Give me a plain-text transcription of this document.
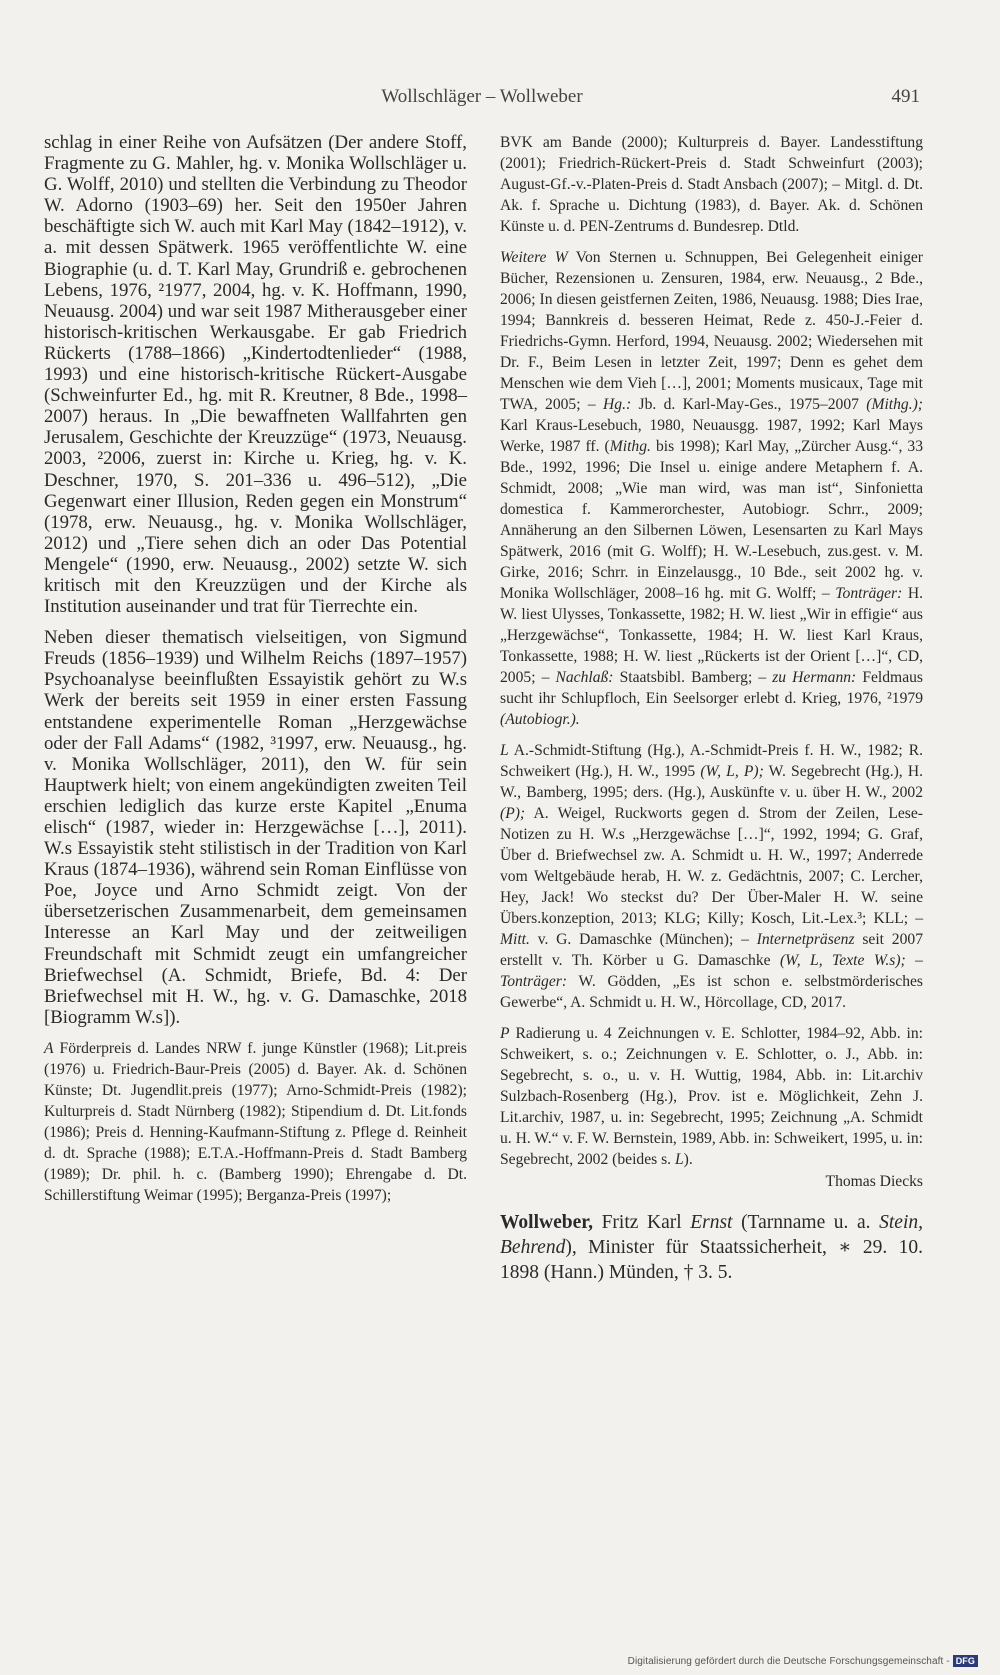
Wollschläger – Wollweber	491

schlag in einer Reihe von Aufsätzen (Der andere Stoff, Fragmente zu G. Mahler, hg. v. Monika Wollschläger u. G. Wolff, 2010) und stellten die Verbindung zu Theodor W. Adorno (1903–69) her. Seit den 1950er Jahren beschäftigte sich W. auch mit Karl May (1842–1912), v. a. mit dessen Spätwerk. 1965 veröffentlichte W. eine Biographie (u. d. T. Karl May, Grundriß e. gebrochenen Lebens, 1976, ²1977, 2004, hg. v. K. Hoffmann, 1990, Neuausg. 2004) und war seit 1987 Mitherausgeber einer historisch-kritischen Werkausgabe. Er gab Friedrich Rückerts (1788–1866) „Kindertodtenlieder“ (1988, 1993) und eine historisch-kritische Rückert-Ausgabe (Schweinfurter Ed., hg. mit R. Kreutner, 8 Bde., 1998–2007) heraus. In „Die bewaffneten Wallfahrten gen Jerusalem, Geschichte der Kreuzzüge“ (1973, Neuausg. 2003, ²2006, zuerst in: Kirche u. Krieg, hg. v. K. Deschner, 1970, S. 201–336 u. 496–512), „Die Gegenwart einer Illusion, Reden gegen ein Monstrum“ (1978, erw. Neuausg., hg. v. Monika Wollschläger, 2012) und „Tiere sehen dich an oder Das Potential Mengele“ (1990, erw. Neuausg., 2002) setzte W. sich kritisch mit den Kreuzzügen und der Kirche als Institution auseinander und trat für Tierrechte ein.

Neben dieser thematisch vielseitigen, von Sigmund Freuds (1856–1939) und Wilhelm Reichs (1897–1957) Psychoanalyse beeinflußten Essayistik gehört zu W.s Werk der bereits seit 1959 in einer ersten Fassung entstandene experimentelle Roman „Herzgewächse oder der Fall Adams“ (1982, ³1997, erw. Neuausg., hg. v. Monika Wollschläger, 2011), den W. für sein Hauptwerk hielt; von einem angekündigten zweiten Teil erschien lediglich das kurze erste Kapitel „Enuma elisch“ (1987, wieder in: Herzgewächse […], 2011). W.s Essayistik steht stilistisch in der Tradition von Karl Kraus (1874–1936), während sein Roman Einflüsse von Poe, Joyce und Arno Schmidt zeigt. Von der übersetzerischen Zusammenarbeit, dem gemeinsamen Interesse an Karl May und der zeitweiligen Freundschaft mit Schmidt zeugt ein umfangreicher Briefwechsel (A. Schmidt, Briefe, Bd. 4: Der Briefwechsel mit H. W., hg. v. G. Damaschke, 2018 [Biogramm W.s]).

A Förderpreis d. Landes NRW f. junge Künstler (1968); Lit.preis (1976) u. Friedrich-Baur-Preis (2005) d. Bayer. Ak. d. Schönen Künste; Dt. Jugendlit.preis (1977); Arno-Schmidt-Preis (1982); Kulturpreis d. Stadt Nürnberg (1982); Stipendium d. Dt. Lit.fonds (1986); Preis d. Henning-Kaufmann-Stiftung z. Pflege d. Reinheit d. dt. Sprache (1988); E.T.A.-Hoffmann-Preis d. Stadt Bamberg (1989); Dr. phil. h. c. (Bamberg 1990); Ehrengabe d. Dt. Schillerstiftung Weimar (1995); Berganza-Preis (1997);

BVK am Bande (2000); Kulturpreis d. Bayer. Landesstiftung (2001); Friedrich-Rückert-Preis d. Stadt Schweinfurt (2003); August-Gf.-v.-Platen-Preis d. Stadt Ansbach (2007); – Mitgl. d. Dt. Ak. f. Sprache u. Dichtung (1983), d. Bayer. Ak. d. Schönen Künste u. d. PEN-Zentrums d. Bundesrep. Dtld.

Weitere W Von Sternen u. Schnuppen, Bei Gelegenheit einiger Bücher, Rezensionen u. Zensuren, 1984, erw. Neuausg., 2 Bde., 2006; In diesen geistfernen Zeiten, 1986, Neuausg. 1988; Dies Irae, 1994; Bannkreis d. besseren Heimat, Rede z. 450-J.-Feier d. Friedrichs-Gymn. Herford, 1994, Neuausg. 2002; Wiedersehen mit Dr. F., Beim Lesen in letzter Zeit, 1997; Denn es gehet dem Menschen wie dem Vieh […], 2001; Moments musicaux, Tage mit TWA, 2005; – Hg.: Jb. d. Karl-May-Ges., 1975–2007 (Mithg.); Karl Kraus-Lesebuch, 1980, Neuausgg. 1987, 1992; Karl Mays Werke, 1987 ff. (Mithg. bis 1998); Karl May, „Zürcher Ausg.“, 33 Bde., 1992, 1996; Die Insel u. einige andere Metaphern f. A. Schmidt, 2008; „Wie man wird, was man ist“, Sinfonietta domestica f. Kammerorchester, Autobiogr. Schrr., 2009; Annäherung an den Silbernen Löwen, Lesensarten zu Karl Mays Spätwerk, 2016 (mit G. Wolff); H. W.-Lesebuch, zus.gest. v. M. Girke, 2016; Schrr. in Einzelausgg., 10 Bde., seit 2002 hg. v. Monika Wollschläger, 2008–16 hg. mit G. Wolff; – Tonträger: H. W. liest Ulysses, Tonkassette, 1982; H. W. liest „Wir in effigie“ aus „Herzgewächse“, Tonkassette, 1984; H. W. liest Karl Kraus, Tonkassette, 1988; H. W. liest „Rückerts ist der Orient […]“, CD, 2005; – Nachlaß: Staatsbibl. Bamberg; – zu Hermann: Feldmaus sucht ihr Schlupfloch, Ein Seelsorger erlebt d. Krieg, 1976, ²1979 (Autobiogr.).

L A.-Schmidt-Stiftung (Hg.), A.-Schmidt-Preis f. H. W., 1982; R. Schweikert (Hg.), H. W., 1995 (W, L, P); W. Segebrecht (Hg.), H. W., Bamberg, 1995; ders. (Hg.), Auskünfte v. u. über H. W., 2002 (P); A. Weigel, Ruckworts gegen d. Strom der Zeilen, Lese-Notizen zu H. W.s „Herzgewächse […]“, 1992, 1994; G. Graf, Über d. Briefwechsel zw. A. Schmidt u. H. W., 1997; Anderrede vom Weltgebäude herab, H. W. z. Gedächtnis, 2007; C. Lercher, Hey, Jack! Wo steckst du? Der Über-Maler H. W. seine Übers.konzeption, 2013; KLG; Killy; Kosch, Lit.-Lex.³; KLL; – Mitt. v. G. Damaschke (München); – Internetpräsenz seit 2007 erstellt v. Th. Körber u G. Damaschke (W, L, Texte W.s); – Tonträger: W. Gödden, „Es ist schon e. selbstmörderisches Gewerbe“, A. Schmidt u. H. W., Hörcollage, CD, 2017.

P Radierung u. 4 Zeichnungen v. E. Schlotter, 1984–92, Abb. in: Schweikert, s. o.; Zeichnungen v. E. Schlotter, o. J., Abb. in: Segebrecht, s. o., u. v. H. Wuttig, 1984, Abb. in: Lit.archiv Sulzbach-Rosenberg (Hg.), Prov. ist e. Möglichkeit, Zehn J. Lit.archiv, 1987, u. in: Segebrecht, 1995; Zeichnung „A. Schmidt u. H. W.“ v. F. W. Bernstein, 1989, Abb. in: Schweikert, 1995, u. in: Segebrecht, 2002 (beides s. L).

Thomas Diecks

Wollweber, Fritz Karl Ernst (Tarnname u. a. Stein, Behrend), Minister für Staatssicherheit, ∗ 29. 10. 1898 (Hann.) Münden, † 3. 5.

Digitalisierung gefördert durch die Deutsche Forschungsgemeinschaft - DFG
